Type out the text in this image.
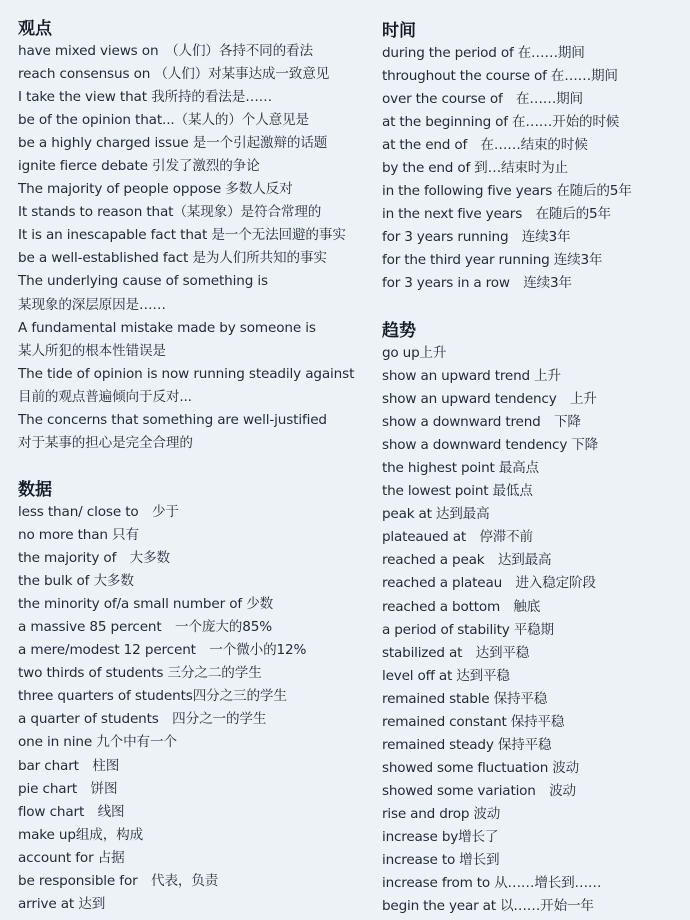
观点
have mixed views on　（人们）各持不同的看法
reach consensus on （人们）对某事达成一致意见
I take the view that 我所持的看法是……
be of the opinion that...（某人的）个人意见是
be a highly charged issue 是一个引起激辩的话题
ignite fierce debate 引发了激烈的争论
The majority of people oppose 多数人反对
It stands to reason that（某现象）是符合常理的
It is an inescapable fact that 是一个无法回避的事实
be a well-established fact 是为人们所共知的事实
The underlying cause of something is
某现象的深层原因是……
A fundamental mistake made by someone is
某人所犯的根本性错误是
The tide of opinion is now running steadily against
目前的观点普遍倾向于反对...
The concerns that something are well-justified
对于某事的担心是完全合理的
数据
less than/ close to　少于
no more than 只有
the majority of　大多数
the bulk of 大多数
the minority of/a small number of 少数
a massive 85 percent　一个庞大的85%
a mere/modest 12 percent　一个微小的12%
two thirds of students 三分之二的学生
three quarters of students四分之三的学生
a quarter of students　四分之一的学生
one in nine 九个中有一个
bar chart　柱图
pie chart　饼图
flow chart　线图
make up组成，构成
account for 占据
be responsible for　代表，负责
arrive at 达到
时间
during the period of 在……期间
throughout the course of 在……期间
over the course of　在……期间
at the beginning of 在……开始的时候
at the end of　在……结束的时候
by the end of 到…结束时为止
in the following five years 在随后的5年
in the next five years　在随后的5年
for 3 years running　连续3年
for the third year running 连续3年
for 3 years in a row　连续3年
趋势
go up上升
show an upward trend 上升
show an upward tendency　上升
show a downward trend　下降
show a downward tendency 下降
the highest point 最高点
the lowest point 最低点
peak at 达到最高
plateaued at　停滞不前
reached a peak　达到最高
reached a plateau　进入稳定阶段
reached a bottom　触底
a period of stability 平稳期
stabilized at　达到平稳
level off at 达到平稳
remained stable 保持平稳
remained constant 保持平稳
remained steady 保持平稳
showed some fluctuation 波动
showed some variation　波动
rise and drop 波动
increase by增长了
increase to 增长到
increase from to 从……增长到……
begin the year at 以……开始一年
